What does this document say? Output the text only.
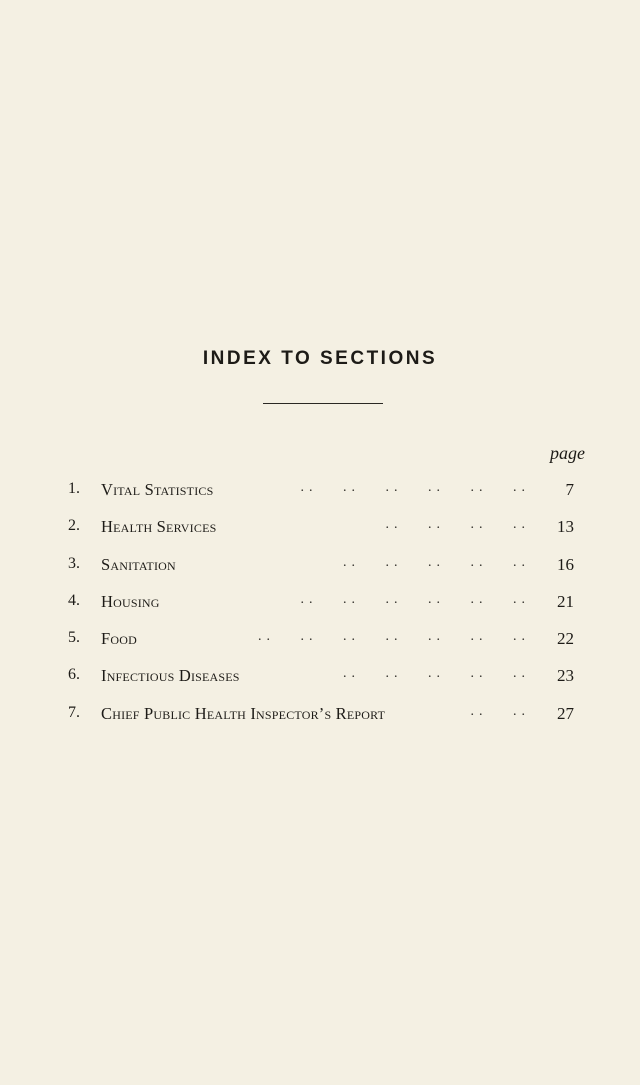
INDEX TO SECTIONS
page
1. Vital Statistics	..   ..   ..   ..   ..   .. 7
2. Health Services	..   ..   ..   .. 13
3. Sanitation	..   ..   ..   ..   .. 16
4. Housing	..   ..   ..   ..   ..   .. 21
5. Food	..   ..   ..   ..   ..   ..   .. 22
6. Infectious Diseases	..   ..   ..   ..   .. 23
7. Chief Public Health Inspector’s Report	..   .. 27
